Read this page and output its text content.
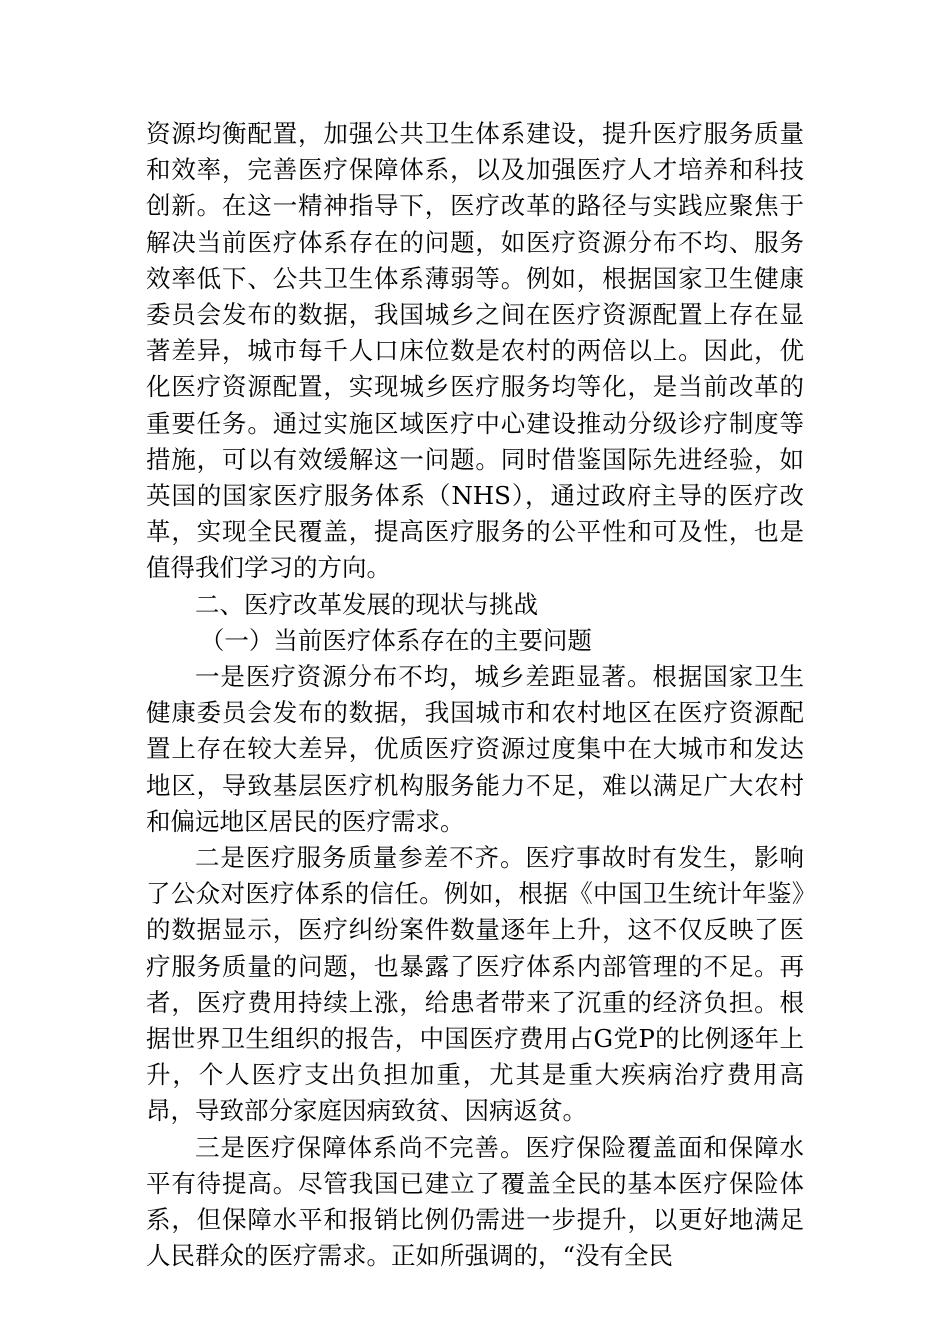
资源均衡配置，加强公共卫生体系建设，提升医疗服务质量和效率，完善医疗保障体系，以及加强医疗人才培养和科技创新。在这一精神指导下，医疗改革的路径与实践应聚焦于解决当前医疗体系存在的问题，如医疗资源分布不均、服务效率低下、公共卫生体系薄弱等。例如，根据国家卫生健康委员会发布的数据，我国城乡之间在医疗资源配置上存在显著差异，城市每千人口床位数是农村的两倍以上。因此，优化医疗资源配置，实现城乡医疗服务均等化，是当前改革的重要任务。通过实施区域医疗中心建设推动分级诊疗制度等措施，可以有效缓解这一问题。同时借鉴国际先进经验，如英国的国家医疗服务体系（NHS），通过政府主导的医疗改革，实现全民覆盖，提高医疗服务的公平性和可及性，也是值得我们学习的方向。

二、医疗改革发展的现状与挑战
（一）当前医疗体系存在的主要问题

一是医疗资源分布不均，城乡差距显著。根据国家卫生健康委员会发布的数据，我国城市和农村地区在医疗资源配置上存在较大差异，优质医疗资源过度集中在大城市和发达地区，导致基层医疗机构服务能力不足，难以满足广大农村和偏远地区居民的医疗需求。

二是医疗服务质量参差不齐。医疗事故时有发生，影响了公众对医疗体系的信任。例如，根据《中国卫生统计年鉴》的数据显示，医疗纠纷案件数量逐年上升，这不仅反映了医疗服务质量的问题，也暴露了医疗体系内部管理的不足。再者，医疗费用持续上涨，给患者带来了沉重的经济负担。根据世界卫生组织的报告，中国医疗费用占G党P的比例逐年上升，个人医疗支出负担加重，尤其是重大疾病治疗费用高昂，导致部分家庭因病致贫、因病返贫。

三是医疗保障体系尚不完善。医疗保险覆盖面和保障水平有待提高。尽管我国已建立了覆盖全民的基本医疗保险体系，但保障水平和报销比例仍需进一步提升，以更好地满足人民群众的医疗需求。正如所强调的，“没有全民
